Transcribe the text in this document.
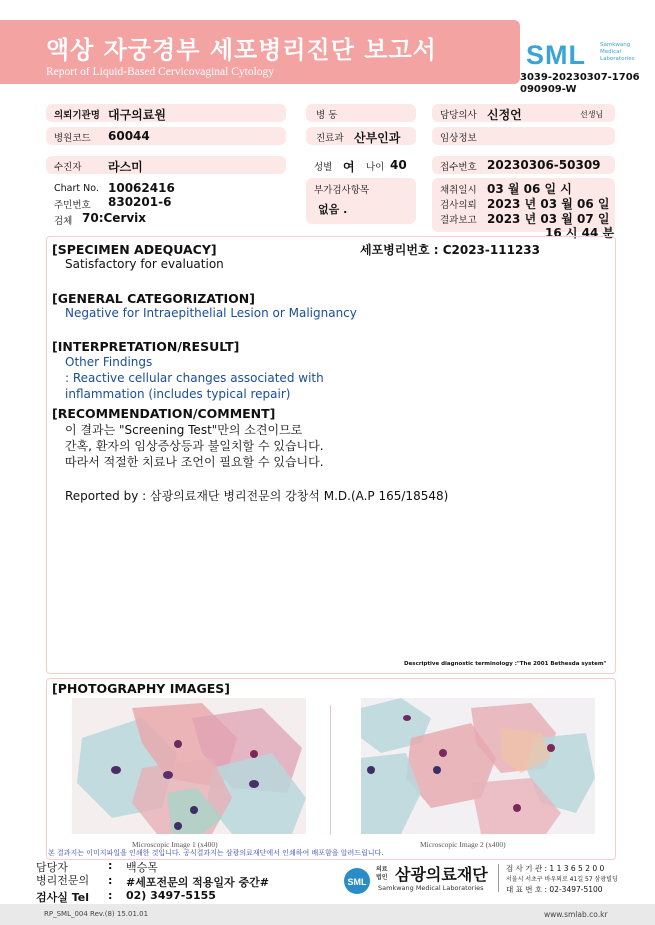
액상 자궁경부 세포병리진단 보고서
Report of Liquid-Based Cervicovaginal Cytology
SML	Samkwang
Medical
Laboratories
3039-20230307-1706
090909-W
의뢰기관명 대구의료원	병 동	담당의사 신정언	선생님
병원코드 60044	진료과 산부인과	임상정보
수진자 라스미	성별 여 나이 40	접수번호 20230306-50309
Chart No. 10062416
주민번호 830201-6
검체 70:Cervix
부가검사항목
없음 .
채취일시 03 월 06 일 시
검사의뢰 2023 년 03 월 06 일
결과보고 2023 년 03 월 07 일
16 시 44 분
세포병리번호 : C2023-111233
[SPECIMEN ADEQUACY]
Satisfactory for evaluation
[GENERAL CATEGORIZATION]
Negative for Intraepithelial Lesion or Malignancy
[INTERPRETATION/RESULT]
Other Findings
: Reactive cellular changes associated with
inflammation (includes typical repair)
[RECOMMENDATION/COMMENT]
이 결과는 "Screening Test"만의 소견이므로
간혹, 환자의 임상증상등과 불일치할 수 있습니다.
따라서 적절한 치료나 조언이 필요할 수 있습니다.
Reported by : 삼광의료재단 병리전문의 강창석 M.D.(A.P 165/18548)
Descriptive diagnostic terminology :"The 2001 Bethesda system"
[PHOTOGRAPHY IMAGES]
Microscopic Image 1 (x400)	Microscopic Image 2 (x400)
본 결과지는 이미지파일을 인쇄한 것입니다. 공식결과지는 삼광의료재단에서 인쇄하여 배포함을 알려드립니다.
담당자	: 백승목
병리전문의 : #세포전문의 적용일자 중간#
검사실 Tel : 02) 3497-5155
SML
의료 법인 삼광의료재단
Samkwang Medical Laboratories
검 사 기 관 : 1 1 3 6 5 2 0 0
서울시 서초구 바우뫼로 41길 57 삼광빌딩
대 표 번 호 : 02-3497-5100
RP_SML_004 Rev.(8) 15.01.01	www.smlab.co.kr
